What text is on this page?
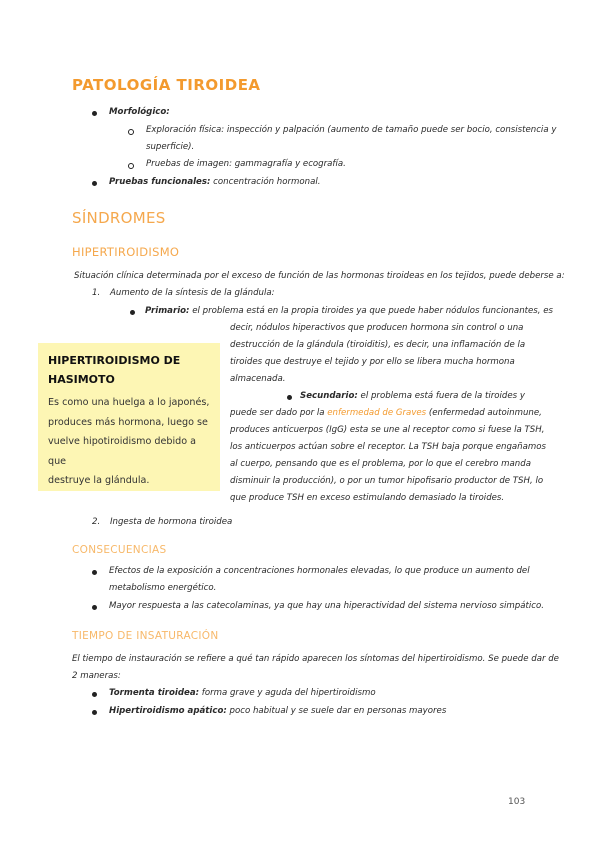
PATOLOGÍA TIROIDEA
Morfológico:
Exploración física: inspección y palpación (aumento de tamaño puede ser bocio, consistencia y
superficie).
Pruebas de imagen: gammagrafía y ecografía.
Pruebas funcionales: concentración hormonal.
SÍNDROMES
HIPERTIROIDISMO
Situación clínica determinada por el exceso de función de las hormonas tiroideas en los tejidos, puede deberse a:
1. Aumento de la síntesis de la glándula:
Primario: el problema está en la propia tiroides ya que puede haber nódulos funcionantes, es
decir, nódulos hiperactivos que producen hormona sin control o una
destrucción de la glándula (tiroiditis), es decir, una inflamación de la
tiroides que destruye el tejido y por ello se libera mucha hormona
almacenada.
Secundario: el problema está fuera de la tiroides y
puede ser dado por la enfermedad de Graves (enfermedad autoinmune,
produces anticuerpos (IgG) esta se une al receptor como si fuese la TSH,
los anticuerpos actúan sobre el receptor. La TSH baja porque engañamos
al cuerpo, pensando que es el problema, por lo que el cerebro manda
disminuir la producción), o por un tumor hipofisario productor de TSH, lo
que produce TSH en exceso estimulando demasiado la tiroides.
HIPERTIROIDISMO DE
HASIMOTO
Es como una huelga a lo japonés,
produces más hormona, luego se
vuelve hipotiroidismo debido a que
destruye la glándula.
2. Ingesta de hormona tiroidea
CONSECUENCIAS
Efectos de la exposición a concentraciones hormonales elevadas, lo que produce un aumento del
metabolismo energético.
Mayor respuesta a las catecolaminas, ya que hay una hiperactividad del sistema nervioso simpático.
TIEMPO DE INSATURACIÓN
El tiempo de instauración se refiere a qué tan rápido aparecen los síntomas del hipertiroidismo. Se puede dar de
2 maneras:
Tormenta tiroidea: forma grave y aguda del hipertiroidismo
Hipertiroidismo apático: poco habitual y se suele dar en personas mayores
103
